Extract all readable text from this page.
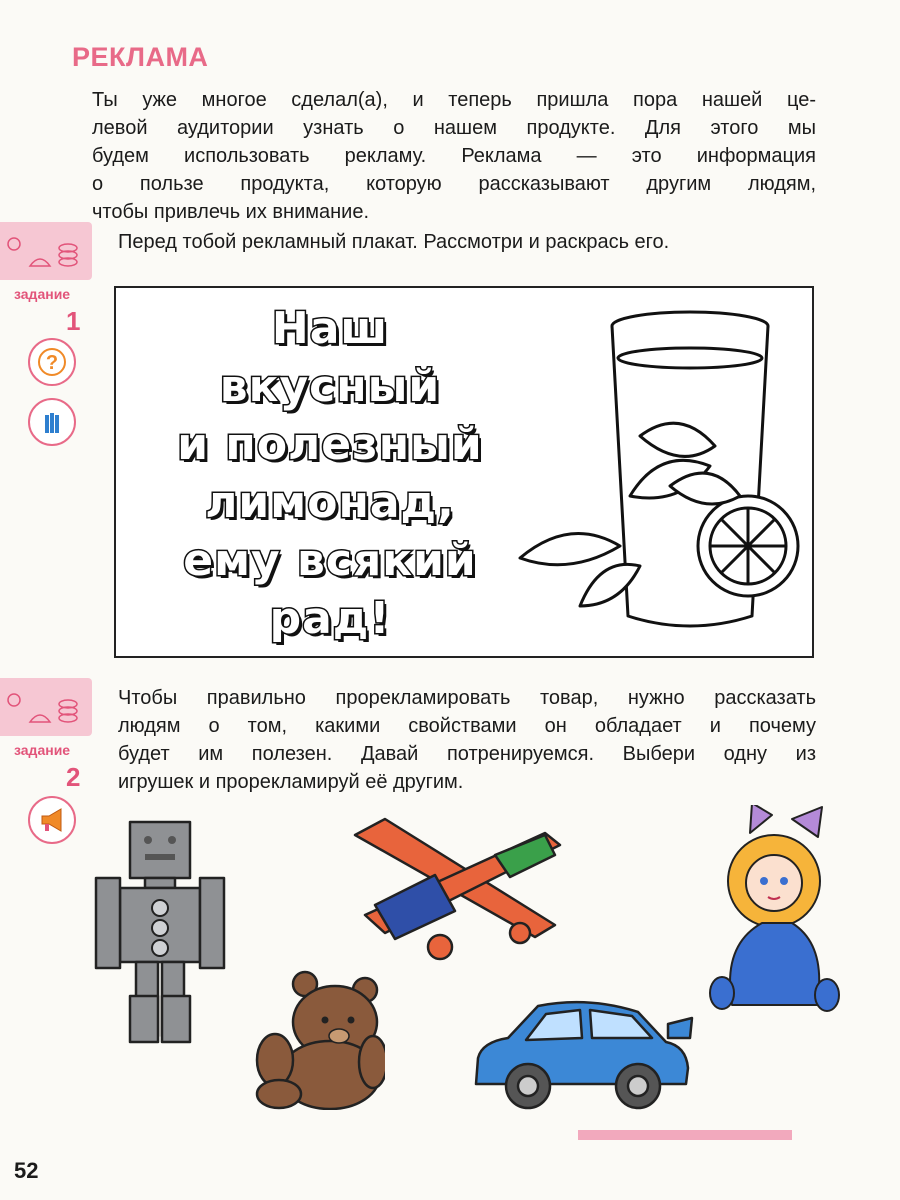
РЕКЛАМА
Ты уже многое сделал(а), и теперь пришла пора нашей це-
левой аудитории узнать о нашем продукте. Для этого мы
будем использовать рекламу. Реклама — это информация
о пользе продукта, которую рассказывают другим людям,
чтобы привлечь их внимание.
задание
1
?
Перед тобой рекламный плакат. Рассмотри и раскрась его.
Наш
вкусный
и полезный
лимонад,
ему всякий
рад!
задание
2
Чтобы правильно прорекламировать товар, нужно рассказать
людям о том, какими свойствами он обладает и почему
будет им полезен. Давай потренируемся. Выбери одну из
игрушек и прорекламируй её другим.
52
